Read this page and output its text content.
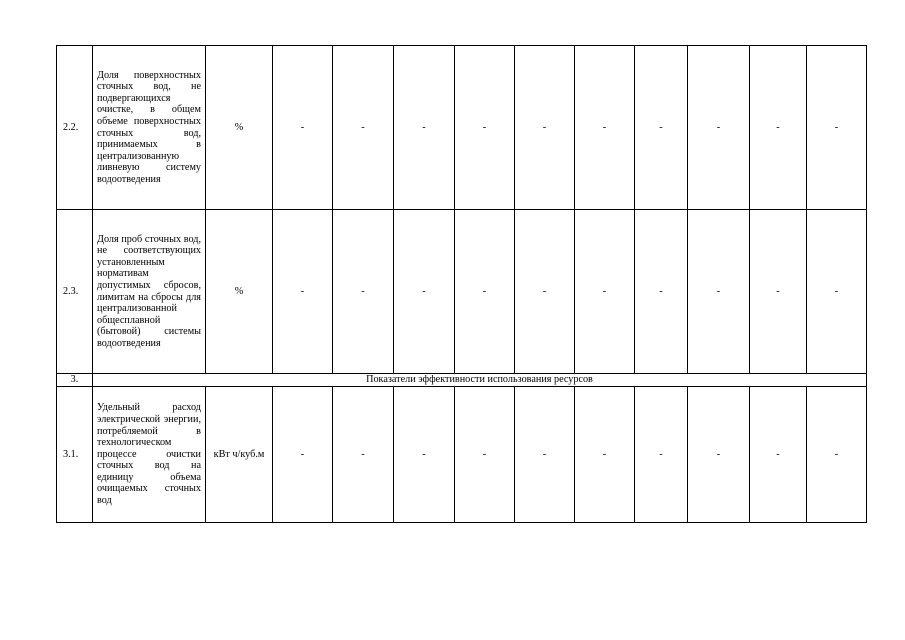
2.2.	Доля поверхностных сточных вод, не подвергающихся очистке, в общем объеме поверхностных сточных вод, принимаемых в централизованную ливневую систему водоотведения	%	-	-	-	-	-	-	-	-	-	-
2.3.	Доля проб сточных вод, не соответствующих установленным нормативам допустимых сбросов, лимитам на сбросы для централизованной общесплавной (бытовой) системы водоотведения	%	-	-	-	-	-	-	-	-	-	-
3.	Показатели эффективности использования ресурсов											
3.1.	Удельный расход электрической энергии, потребляемой в технологическом процессе очистки сточных вод на единицу объема очищаемых сточных вод	кВт ч/куб.м	-	-	-	-	-	-	-	-	-	-
